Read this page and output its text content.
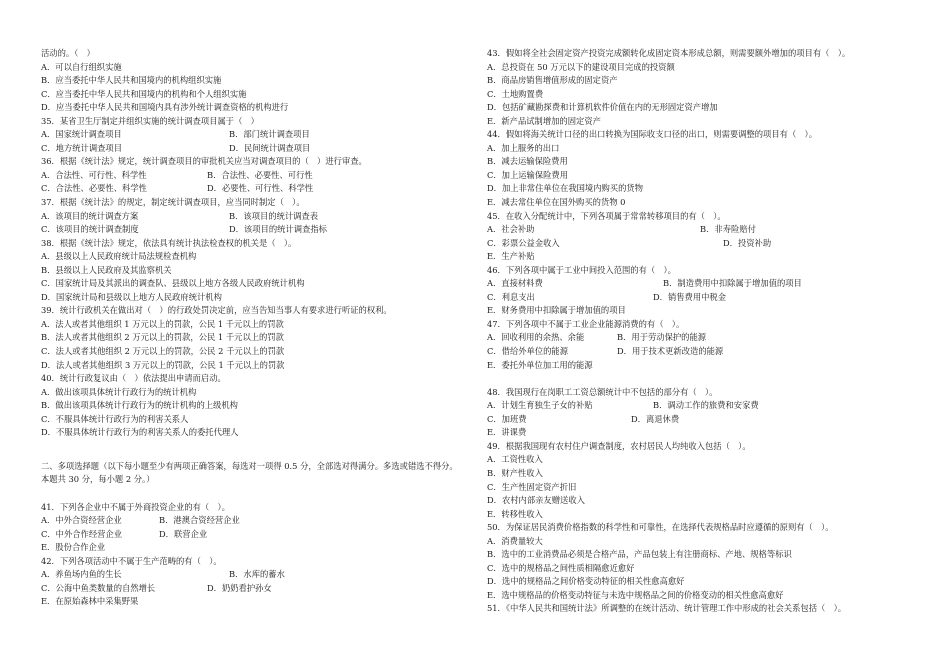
活动的。（　）
A．可以自行组织实施
B．应当委托中华人民共和国境内的机构组织实施
C．应当委托中华人民共和国境内的机构和个人组织实施
D．应当委托中华人民共和国境内具有涉外统计调查资格的机构进行
35．某省卫生厅制定并组织实施的统计调查项目属于（　）
A．国家统计调查项目	B．部门统计调查项目
C．地方统计调查项目	D．民间统计调查项目
36．根据《统计法》规定，统计调查项目的审批机关应当对调查项目的（　）进行审查。
A．合法性、可行性、科学性	B．合法性、必要性、可行性
C．合法性、必要性、科学性	D．必要性、可行性、科学性
37．根据《统计法》的规定，制定统计调查项目，应当同时制定（　）。
A．该项目的统计调查方案	B．该项目的统计调查表
C．该项目的统计调查制度	D．该项目的统计调查指标
38．根据《统计法》规定，依法具有统计执法检查权的机关是（　）。
A．县级以上人民政府统计局法规检查机构
B．县级以上人民政府及其监察机关
C．国家统计局及其派出的调查队、县级以上地方各级人民政府统计机构
D．国家统计局和县级以上地方人民政府统计机构
39．统计行政机关在做出对（　）的行政处罚决定前，应当告知当事人有要求进行听证的权利。
A．法人或者其他组织 1 万元以上的罚款，公民 1 千元以上的罚款
B．法人或者其他组织 2 万元以上的罚款，公民 1 千元以上的罚款
C．法人或者其他组织 2 万元以上的罚款，公民 2 千元以上的罚款
D．法人或者其他组织 3 万元以上的罚款，公民 1 千元以上的罚款
40．统计行政复议由（　）依法提出申请而启动。
A．做出该项具体统计行政行为的统计机构
B．做出该项具体统计行政行为的统计机构的上级机构
C．不服具体统计行政行为的利害关系人
D．不服具体统计行政行为的利害关系人的委托代理人
二、多项选择题（以下每小题至少有两项正确答案，每选对一项得 0.5 分，全部选对得满分。多选或错选不得分。本题共 30 分，每小题 2 分。）
41．下列各企业中不属于外商投资企业的有（　）。
A．中外合资经营企业	B．港澳合资经营企业
C．中外合作经营企业	D．联营企业
E．股份合作企业
42．下列各项活动中不属于生产范畴的有（　）。
A．养鱼场内鱼的生长	B．水库的蓄水
C．公海中鱼类数量的自然增长	D．奶奶看护孙女
E．在原始森林中采集野果
43．假如将全社会固定资产投资完成额转化成固定资本形成总额，则需要额外增加的项目有（　）。
A．总投资在 50 万元以下的建设项目完成的投资额
B．商品房销售增值形成的固定资产
C．土地购置费
D．包括矿藏勘探费和计算机软件价值在内的无形固定资产增加
E．新产品试制增加的固定资产
44．假如将海关统计口径的出口转换为国际收支口径的出口，则需要调整的项目有（　）。
A．加上服务的出口
B．减去运输保险费用
C．加上运输保险费用
D．加上非常住单位在我国境内购买的货物
E．减去常住单位在国外购买的货物 0
45．在收入分配统计中，下列各项属于常常转移项目的有（　）。
A．社会补助	B．非寿险赔付
C．彩票公益金收入	D．投资补助
E．生产补贴
46．下列各项中属于工业中间投入范围的有（　）。
A．直接材料费	B．制造费用中扣除属于增加值的项目
C．利息支出	D．销售费用中税金
E．财务费用中扣除属于增加值的项目
47．下列各项中不属于工业企业能源消费的有（　）。
A．回收利用的余热、余能	B．用于劳动保护的能源
C．借给外单位的能源	D．用于技术更新改造的能源
E．委托外单位加工用的能源
48．我国现行在岗职工工资总额统计中不包括的部分有（　）。
A．计划生育独生子女的补贴	B．调动工作的旅费和安家费
C．加班费	D．离退休费
E．讲课费
49．根据我国现有农村住户调查制度，农村居民人均纯收入包括（　）。
A．工资性收入
B．财产性收入
C．生产性固定资产折旧
D．农村内部亲友赠送收入
E．转移性收入
50．为保证居民消费价格指数的科学性和可靠性，在选择代表规格品时应遵循的原则有（　）。
A．消费量较大
B．选中的工业消费品必须是合格产品，产品包装上有注册商标、产地、规格等标识
C．选中的规格品之间性质相隔愈近愈好
D．选中的规格品之间价格变动特征的相关性愈高愈好
E．选中规格品的价格变动特征与未选中规格品之间的价格变动的相关性愈高愈好
51．《中华人民共和国统计法》所调整的在统计活动、统计管理工作中形成的社会关系包括（　）。
